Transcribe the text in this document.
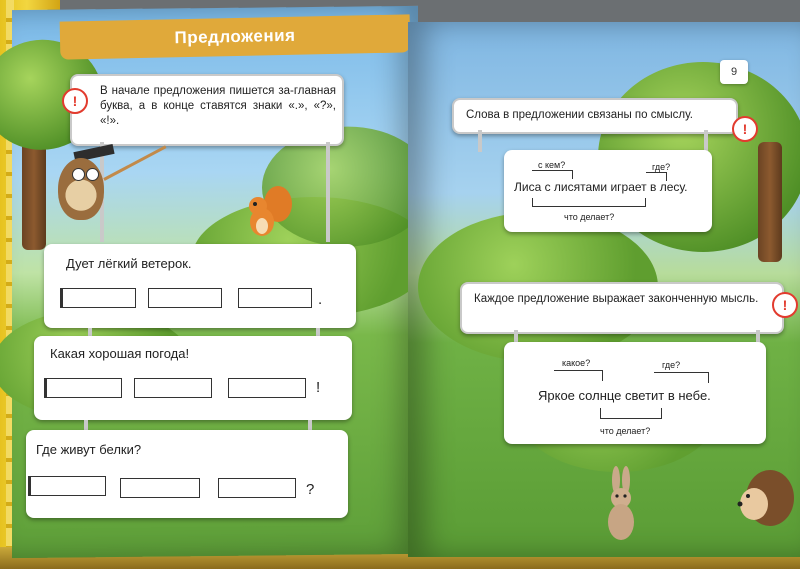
Предложения
В начале предложения пишется за-главная буква, а в конце ставятся знаки «.», «?», «!».
!
Дует лёгкий ветерок.
.
Какая хорошая погода!
!
Где живут белки?
?
9
Слова в предложении связаны по смыслу.
!
с кем?	где?
Лиса с лисятами играет в лесу.
что делает?
Каждое предложение выражает законченную мысль.	!
какое?	где?
Яркое солнце светит в небе.
что делает?
